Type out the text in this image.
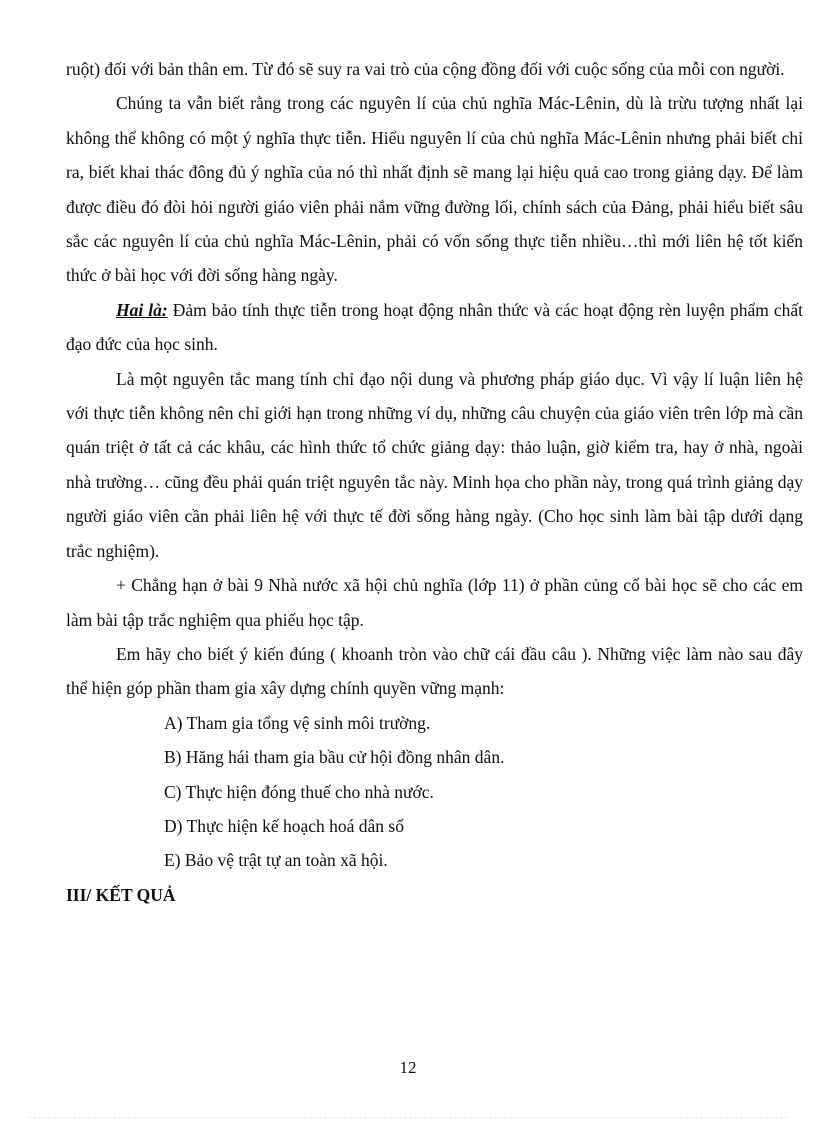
ruột) đối với bản thân em. Từ đó sẽ suy ra vai trò của cộng đồng đối với cuộc sống của mỗi con người.

Chúng ta vẫn biết rằng trong các nguyên lí của chủ nghĩa Mác-Lênin, dù là trừu tượng nhất lại không thể không có một ý nghĩa thực tiễn. Hiểu nguyên lí của chủ nghĩa Mác-Lênin nhưng phải biết chỉ ra, biết khai thác đông đủ ý nghĩa của nó thì nhất định sẽ mang lại hiệu quả cao trong giảng dạy. Để làm được điều đó đòi hỏi người giáo viên phải nắm vững đường lối, chính sách của Đảng, phải hiểu biết sâu sắc các nguyên lí của chủ nghĩa Mác-Lênin, phải có vốn sống thực tiễn nhiều…thì mới liên hệ tốt kiến thức ở bài học với đời sống hàng ngày.

Hai là: Đảm bảo tính thực tiễn trong hoạt động nhân thức và các hoạt động rèn luyện phẩm chất đạo đức của học sinh.

Là một nguyên tắc mang tính chỉ đạo nội dung và phương pháp giáo dục. Vì vậy lí luận liên hệ với thực tiễn không nên chỉ giới hạn trong những ví dụ, những câu chuyện của giáo viên trên lớp mà cần quán triệt ở tất cả các khâu, các hình thức tổ chức giảng dạy: thảo luận, giờ kiểm tra, hay ở nhà, ngoài nhà trường… cũng đều phải quán triệt nguyên tắc này. Minh họa cho phần này, trong quá trình giảng dạy người giáo viên cần phải liên hệ với thực tế đời sống hàng ngày. (Cho học sinh làm bài tập dưới dạng trắc nghiệm).

+ Chẳng hạn ở bài 9 Nhà nước xã hội chủ nghĩa (lớp 11) ở phần củng cố bài học sẽ cho các em làm bài tập trắc nghiệm qua phiếu học tập.

Em hãy cho biết ý kiến đúng ( khoanh tròn vào chữ cái đầu câu ). Những việc làm nào sau đây thể hiện góp phần tham gia xây dựng chính quyền vững mạnh:

A) Tham gia tổng vệ sinh môi trường.
B) Hăng hái tham gia bầu cử hội đồng nhân dân.
C) Thực hiện đóng thuế cho nhà nước.
D) Thực hiện kế hoạch hoá dân số
E) Bảo vệ trật tự an toàn xã hội.
III/ KẾT QUẢ
12
